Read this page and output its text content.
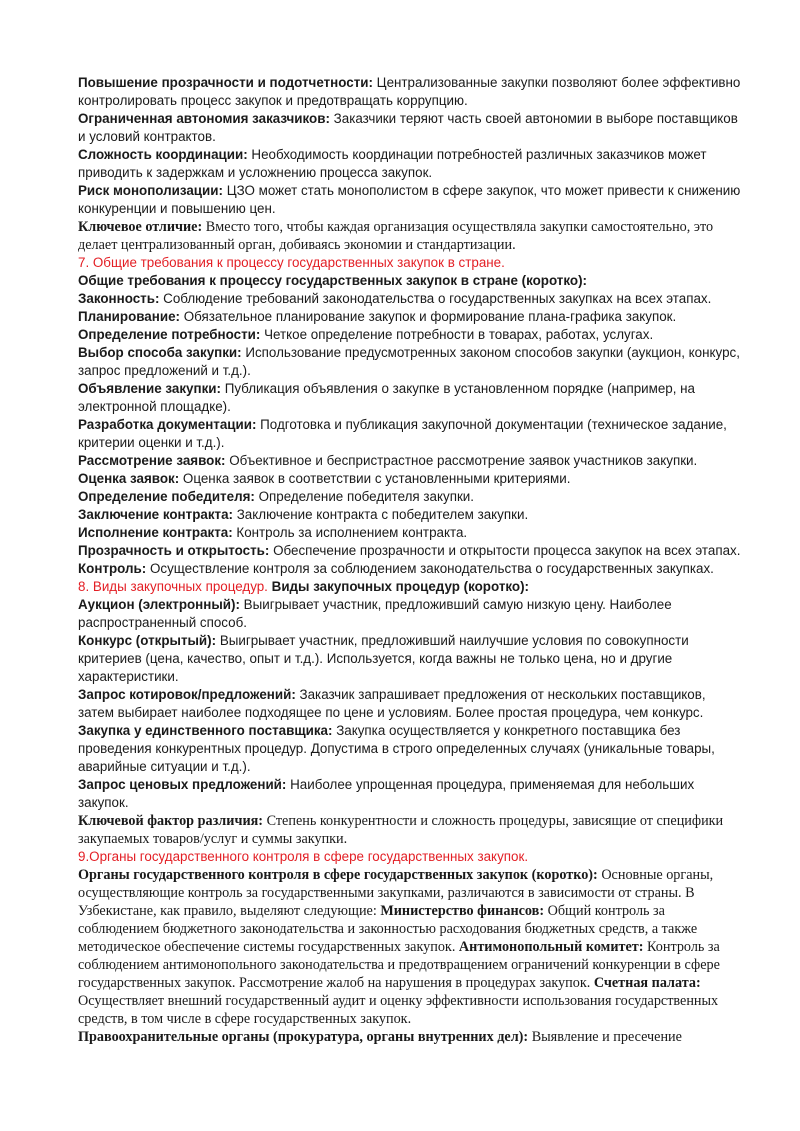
Повышение прозрачности и подотчетности: Централизованные закупки позволяют более эффективно контролировать процесс закупок и предотвращать коррупцию.

Ограниченная автономия заказчиков: Заказчики теряют часть своей автономии в выборе поставщиков и условий контрактов.

Сложность координации: Необходимость координации потребностей различных заказчиков может приводить к задержкам и усложнению процесса закупок.

Риск монополизации: ЦЗО может стать монополистом в сфере закупок, что может привести к снижению конкуренции и повышению цен.

Ключевое отличие: Вместо того, чтобы каждая организация осуществляла закупки самостоятельно, это делает централизованный орган, добиваясь экономии и стандартизации.

7. Общие требования к процессу государственных закупок в стране.

Общие требования к процессу государственных закупок в стране (коротко):

Законность: Соблюдение требований законодательства о государственных закупках на всех этапах.

Планирование: Обязательное планирование закупок и формирование плана-графика закупок.

Определение потребности: Четкое определение потребности в товарах, работах, услугах.

Выбор способа закупки: Использование предусмотренных законом способов закупки (аукцион, конкурс, запрос предложений и т.д.).

Объявление закупки: Публикация объявления о закупке в установленном порядке (например, на электронной площадке).

Разработка документации: Подготовка и публикация закупочной документации (техническое задание, критерии оценки и т.д.).

Рассмотрение заявок: Объективное и беспристрастное рассмотрение заявок участников закупки.

Оценка заявок: Оценка заявок в соответствии с установленными критериями.

Определение победителя: Определение победителя закупки.

Заключение контракта: Заключение контракта с победителем закупки.

Исполнение контракта: Контроль за исполнением контракта.

Прозрачность и открытость: Обеспечение прозрачности и открытости процесса закупок на всех этапах.

Контроль: Осуществление контроля за соблюдением законодательства о государственных закупках.

8. Виды закупочных процедур. Виды закупочных процедур (коротко):

Аукцион (электронный): Выигрывает участник, предложивший самую низкую цену. Наиболее распространенный способ.

Конкурс (открытый): Выигрывает участник, предложивший наилучшие условия по совокупности критериев (цена, качество, опыт и т.д.). Используется, когда важны не только цена, но и другие характеристики.

Запрос котировок/предложений: Заказчик запрашивает предложения от нескольких поставщиков, затем выбирает наиболее подходящее по цене и условиям. Более простая процедура, чем конкурс.

Закупка у единственного поставщика: Закупка осуществляется у конкретного поставщика без проведения конкурентных процедур. Допустима в строго определенных случаях (уникальные товары, аварийные ситуации и т.д.).

Запрос ценовых предложений: Наиболее упрощенная процедура, применяемая для небольших закупок.

Ключевой фактор различия: Степень конкурентности и сложность процедуры, зависящие от специфики закупаемых товаров/услуг и суммы закупки.

9.Органы государственного контроля в сфере государственных закупок.

Органы государственного контроля в сфере государственных закупок (коротко): Основные органы, осуществляющие контроль за государственными закупками, различаются в зависимости от страны. В Узбекистане, как правило, выделяют следующие: Министерство финансов: Общий контроль за соблюдением бюджетного законодательства и законностью расходования бюджетных средств, а также методическое обеспечение системы государственных закупок. Антимонопольный комитет: Контроль за соблюдением антимонопольного законодательства и предотвращением ограничений конкуренции в сфере государственных закупок. Рассмотрение жалоб на нарушения в процедурах закупок. Счетная палата: Осуществляет внешний государственный аудит и оценку эффективности использования государственных средств, в том числе в сфере государственных закупок.

Правоохранительные органы (прокуратура, органы внутренних дел): Выявление и пресечение
